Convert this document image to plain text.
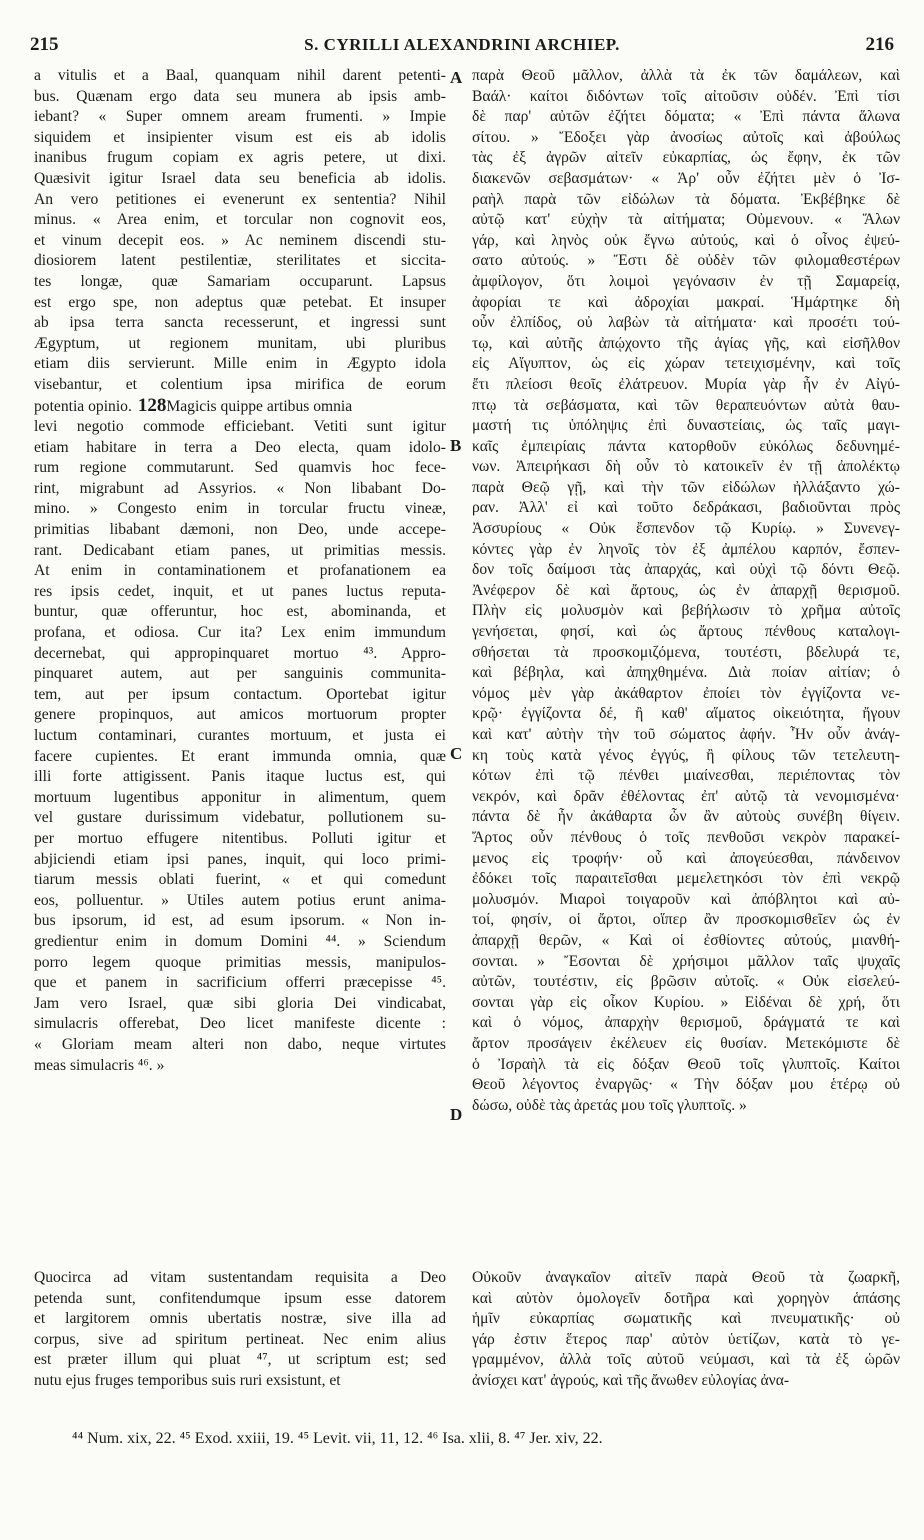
215	S. CYRILLI ALEXANDRINI ARCHIEP.	216
a vitulis et a Baal, quanquam nihil darent petenti-
bus. Quænam ergo data seu munera ab ipsis amb-
iebant? « Super omnem aream frumenti. » Impie
siquidem et insipienter visum est eis ab idolis
inanibus frugum copiam ex agris petere, ut dixi.
Quæsivit igitur Israel data seu beneficia ab idolis.
An vero petitiones ei evenerunt ex sententia? Nihil
minus. « Area enim, et torcular non cognovit eos,
et vinum decepit eos. » Ac neminem discendi stu-
diosiorem latent pestilentiæ, sterilitates et siccita-
tes longæ, quæ Samariam occuparunt. Lapsus
est ergo spe, non adeptus quæ petebat. Et insuper
ab ipsa terra sancta recesserunt, et ingressi sunt
Ægyptum, ut regionem munitam, ubi pluribus
etiam diis servierunt. Mille enim in Ægypto idola
visebantur, et colentium ipsa mirifica de eorum
potentia opinio. 128Magicis quippe artibus omnia
levi negotio commode efficiebant. Vetiti sunt igitur
etiam habitare in terra a Deo electa, quam idolo-
rum regione commutarunt. Sed quamvis hoc fece-
rint, migrabunt ad Assyrios. « Non libabant Do-
mino. » Congesto enim in torcular fructu vineæ,
primitias libabant dæmoni, non Deo, unde accepe-
rant. Dedicabant etiam panes, ut primitias messis.
At enim in contaminationem et profanationem ea
res ipsis cedet, inquit, et ut panes luctus reputa-
buntur, quæ offeruntur, hoc est, abominanda, et
profana, et odiosa. Cur ita? Lex enim immundum
decernebat, qui appropinquaret mortuo ⁴³. Appro-
pinquaret autem, aut per sanguinis communita-
tem, aut per ipsum contactum. Oportebat igitur
genere propinquos, aut amicos mortuorum propter
luctum contaminari, curantes mortuum, et justa ei
facere cupientes. Et erant immunda omnia, quæ
illi forte attigissent. Panis itaque luctus est, qui
mortuum lugentibus apponitur in alimentum, quem
vel gustare durissimum videbatur, pollutionem su-
per mortuo effugere nitentibus. Polluti igitur et
abjiciendi etiam ipsi panes, inquit, qui loco primi-
tiarum messis oblati fuerint, « et qui comedunt
eos, polluentur. » Utiles autem potius erunt anima-
bus ipsorum, id est, ad esum ipsorum. « Non in-
gredientur enim in domum Domini ⁴⁴. » Sciendum
porro legem quoque primitias messis, manipulos-
que et panem in sacrificium offerri præcepisse ⁴⁵.
Jam vero Israel, quæ sibi gloria Dei vindicabat,
simulacris offerebat, Deo licet manifeste dicente :
« Gloriam meam alteri non dabo, neque virtutes
meas simulacris ⁴⁶. »
παρὰ Θεοῦ μᾶλλον, ἀλλὰ τὰ ἐκ τῶν δαμάλεων, καὶ
Βαάλ· καίτοι διδόντων τοῖς αἰτοῦσιν οὐδέν. Ἐπὶ τίσι
δὲ παρ' αὐτῶν ἐζήτει δόματα; « Ἐπὶ πάντα ἅλωνα
σίτου. » Ἔδοξει γὰρ ἀνοσίως αὐτοῖς καὶ ἀβούλως
τὰς ἐξ ἀγρῶν αἰτεῖν εὐκαρπίας, ὡς ἔφην, ἐκ τῶν
διακενῶν σεβασμάτων· « Ἀρ' οὖν ἐζήτει μὲν ὁ Ἰσ-
ραὴλ παρὰ τῶν εἰδώλων τὰ δόματα. Ἐκβέβηκε δὲ
αὐτῷ κατ' εὐχὴν τὰ αἰτήματα; Οὐμενουν. « Ἅλων
γάρ, καὶ ληνὸς οὐκ ἔγνω αὐτούς, καὶ ὁ οἶνος ἐψεύ-
σατο αὐτούς. » Ἔστι δὲ οὐδὲν τῶν φιλομαθεστέρων
ἀμφίλογον, ὅτι λοιμοὶ γεγόνασιν ἐν τῇ Σαμαρείᾳ,
ἀφορίαι τε καὶ ἀδροχίαι μακραί. Ἡμάρτηκε δὴ
οὖν ἐλπίδος, οὐ λαβὼν τὰ αἰτήματα· καὶ προσέτι τού-
τῳ, καὶ αὐτῆς ἀπῴχοντο τῆς ἁγίας γῆς, καὶ εἰσῆλθον
εἰς Αἴγυπτον, ὡς εἰς χώραν τετειχισμένην, καὶ τοῖς
ἔτι πλείοσι θεοῖς ἐλάτρευον. Μυρία γὰρ ἦν ἐν Αἰγύ-
πτῳ τὰ σεβάσματα, καὶ τῶν θεραπευόντων αὐτὰ θαυ-
μαστή τις ὑπόληψις ἐπὶ δυναστείαις, ὡς ταῖς μαγι-
καῖς ἐμπειρίαις πάντα κατορθοῦν εὐκόλως δεδυνημέ-
νων. Ἀπειρήκασι δὴ οὖν τὸ κατοικεῖν ἐν τῇ ἀπολέκτῳ
παρὰ Θεῷ γῇ, καὶ τὴν τῶν εἰδώλων ἠλλάξαντο χώ-
ραν. Ἀλλ' εἰ καὶ τοῦτο δεδράκασι, βαδιοῦνται πρὸς
Ἀσσυρίους « Οὐκ ἔσπενδον τῷ Κυρίῳ. » Συνενεγ-
κόντες γὰρ ἐν ληνοῖς τὸν ἐξ ἀμπέλου καρπόν, ἔσπεν-
δον τοῖς δαίμοσι τὰς ἀπαρχάς, καὶ οὐχὶ τῷ δόντι Θεῷ.
Ἀνέφερον δὲ καὶ ἄρτους, ὡς ἐν ἀπαρχῇ θερισμοῦ.
Πλὴν εἰς μολυσμὸν καὶ βεβήλωσιν τὸ χρῆμα αὐτοῖς
γενήσεται, φησί, καὶ ὡς ἄρτους πένθους καταλογι-
σθήσεται τὰ προσκομιζόμενα, τουτέστι, βδελυρά τε,
καὶ βέβηλα, καὶ ἀπηχθημένα. Διὰ ποίαν αἰτίαν; ὁ
νόμος μὲν γὰρ ἀκάθαρτον ἐποίει τὸν ἐγγίζοντα νε-
κρῷ· ἐγγίζοντα δέ, ἢ καθ' αἵματος οἰκειότητα, ἤγουν
καὶ κατ' αὐτὴν τὴν τοῦ σώματος ἀφήν. Ἦν οὖν ἀνάγ-
κη τοὺς κατὰ γένος ἐγγύς, ἢ φίλους τῶν τετελευτη-
κότων ἐπὶ τῷ πένθει μιαίνεσθαι, περιέποντας τὸν
νεκρόν, καὶ δρᾶν ἐθέλοντας ἐπ' αὐτῷ τὰ νενομισμένα·
πάντα δὲ ἦν ἀκάθαρτα ὧν ἂν αὐτοὺς συνέβη θίγειν.
Ἄρτος οὖν πένθους ὁ τοῖς πενθοῦσι νεκρὸν παρακεί-
μενος εἰς τροφήν· οὗ καὶ ἀπογεύεσθαι, πάνδεινον
ἐδόκει τοῖς παραιτεῖσθαι μεμελετηκόσι τὸν ἐπὶ νεκρῷ
μολυσμόν. Μιαροὶ τοιγαροῦν καὶ ἀπόβλητοι καὶ αὐ-
τοί, φησίν, οἱ ἄρτοι, οἵπερ ἂν προσκομισθεῖεν ὡς ἐν
ἀπαρχῇ θερῶν, « Καὶ οἱ ἐσθίοντες αὐτούς, μιανθή-
σονται. » Ἔσονται δὲ χρήσιμοι μᾶλλον ταῖς ψυχαῖς
αὐτῶν, τουτέστιν, εἰς βρῶσιν αὐτοῖς. « Οὐκ εἰσελεύ-
σονται γὰρ εἰς οἶκον Κυρίου. » Εἰδέναι δὲ χρή, ὅτι
καὶ ὁ νόμος, ἀπαρχὴν θερισμοῦ, δράγματά τε καὶ
ἄρτον προσάγειν ἐκέλευεν εἰς θυσίαν. Μετεκόμιστε δὲ
ὁ Ἰσραὴλ τὰ εἰς δόξαν Θεοῦ τοῖς γλυπτοῖς. Καίτοι
Θεοῦ λέγοντος ἐναργῶς· « Τὴν δόξαν μου ἑτέρῳ οὐ
δώσω, οὐδὲ τὰς ἀρετάς μου τοῖς γλυπτοῖς. »
A
B
C
D
Quocirca ad vitam sustentandam requisita a Deo
petenda sunt, confitendumque ipsum esse datorem
et largitorem omnis ubertatis nostræ, sive illa ad
corpus, sive ad spiritum pertineat. Nec enim alius
est præter illum qui pluat ⁴⁷, ut scriptum est; sed
nutu ejus fruges temporibus suis ruri exsistunt, et
Οὐκοῦν ἀναγκαῖον αἰτεῖν παρὰ Θεοῦ τὰ ζωαρκῆ,
καὶ αὐτὸν ὁμολογεῖν δοτῆρα καὶ χορηγὸν ἁπάσης
ἡμῖν εὐκαρπίας σωματικῆς καὶ πνευματικῆς· οὐ
γάρ ἐστιν ἕτερος παρ' αὐτὸν ὑετίζων, κατὰ τὸ γε-
γραμμένον, ἀλλὰ τοῖς αὐτοῦ νεύμασι, καὶ τὰ ἐξ ὡρῶν
ἀνίσχει κατ' ἀγρούς, καὶ τῆς ἄνωθεν εὐλογίας ἀνα-
⁴⁴ Num. xix, 22. ⁴⁵ Exod. xxiii, 19. ⁴⁵ Levit. vii, 11, 12. ⁴⁶ Isa. xlii, 8. ⁴⁷ Jer. xiv, 22.
